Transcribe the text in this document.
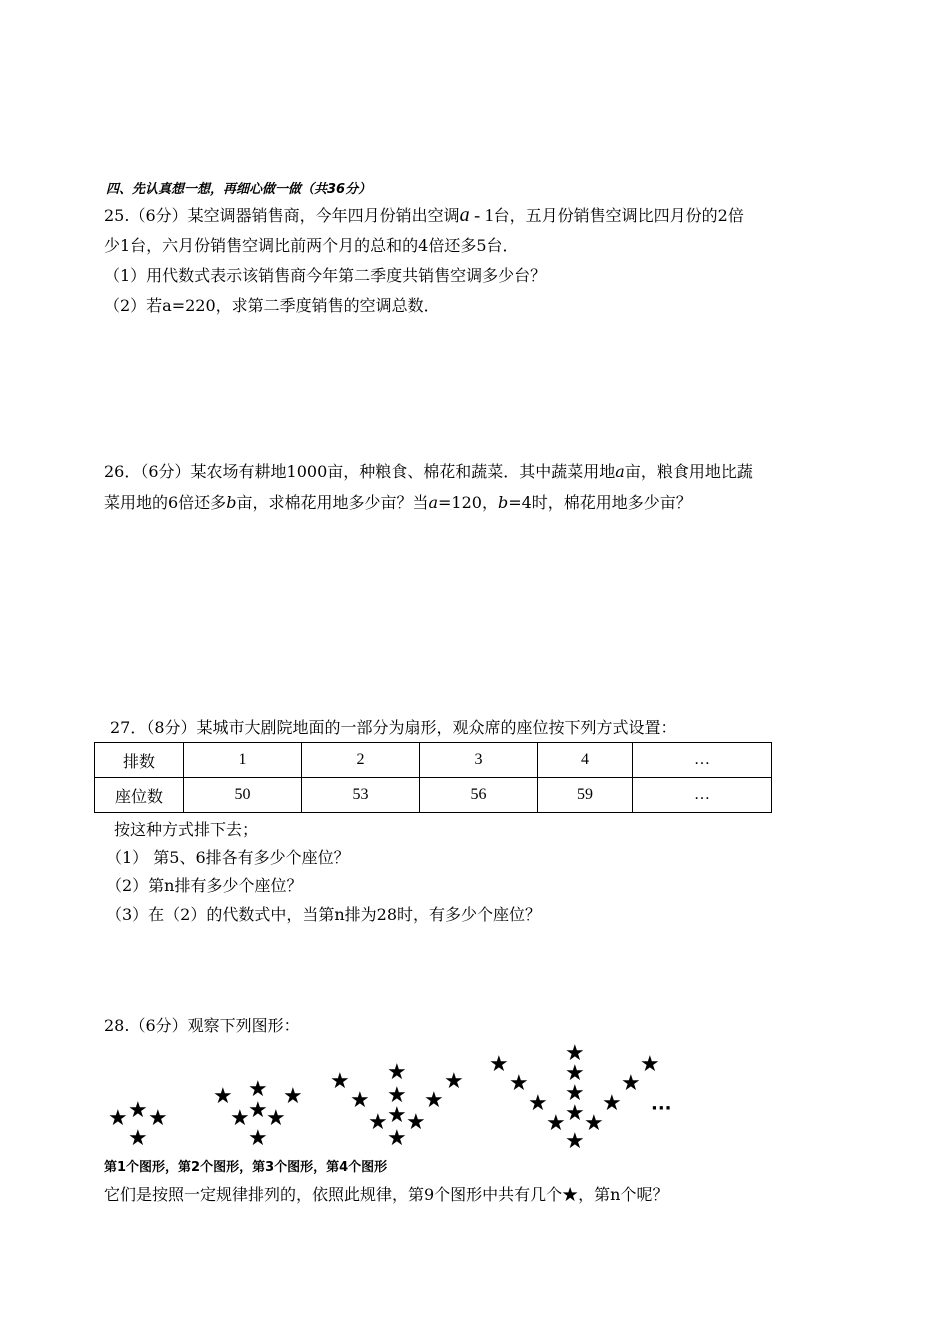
四、先认真想一想，再细心做一做（共36分）
25.（6分）某空调器销售商，今年四月份销出空调a - 1台，五月份销售空调比四月份的2倍
少1台，六月份销售空调比前两个月的总和的4倍还多5台．
（1）用代数式表示该销售商今年第二季度共销售空调多少台？
（2）若a=220，求第二季度销售的空调总数．
26．（6分）某农场有耕地1000亩，种粮食、棉花和蔬菜．其中蔬菜用地a亩，粮食用地比蔬
菜用地的6倍还多b亩，求棉花用地多少亩？当a=120，b=4时，棉花用地多少亩？
27．（8分）某城市大剧院地面的一部分为扇形，观众席的座位按下列方式设置：
排数	1	2	3	4	…
座位数	50	53	56	59	…
按这种方式排下去；
（1） 第5、6排各有多少个座位？
（2）第n排有多少个座位？
（3）在（2）的代数式中，当第n排为28时，有多少个座位？
28.（6分）观察下列图形：
★ ★ ★
★
★ ★ ★
★
★
★
★
★ ★ ★
★ ★ ★
★ ★ ★
★
★	★	★
★ ★ ★
★ ★ ★
★ ★ ★
★
···
第1个图形，第2个图形，第3个图形，第4个图形
它们是按照一定规律排列的，依照此规律，第9个图形中共有几个★，第n个呢？
